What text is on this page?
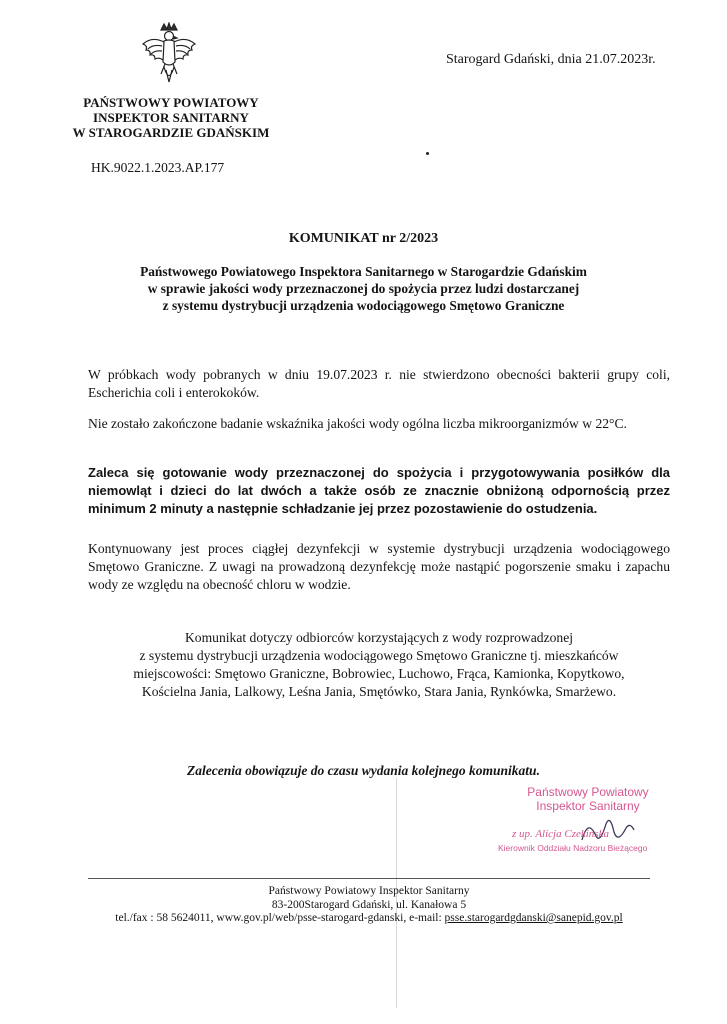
Starogard Gdański, dnia 21.07.2023r.
PAŃSTWOWY POWIATOWY
INSPEKTOR SANITARNY
W STAROGARDZIE GDAŃSKIM
HK.9022.1.2023.AP.177
KOMUNIKAT nr 2/2023
Państwowego Powiatowego Inspektora Sanitarnego w Starogardzie Gdańskim
w sprawie jakości wody przeznaczonej do spożycia przez ludzi dostarczanej
z systemu dystrybucji urządzenia wodociągowego Smętowo Graniczne
W próbkach wody pobranych w dniu 19.07.2023 r. nie stwierdzono obecności bakterii grupy coli, Escherichia coli i enterokoków.
Nie zostało zakończone badanie wskaźnika jakości wody ogólna liczba mikroorganizmów w 22°C.
Zaleca się gotowanie wody przeznaczonej do spożycia i przygotowywania posiłków dla niemowląt i dzieci do lat dwóch a także osób ze znacznie obniżoną odpornością przez minimum 2 minuty a następnie schładzanie jej przez pozostawienie do ostudzenia.
Kontynuowany jest proces ciągłej dezynfekcji w systemie dystrybucji urządzenia wodociągowego Smętowo Graniczne. Z uwagi na prowadzoną dezynfekcję może nastąpić pogorszenie smaku i zapachu wody ze względu na obecność chloru w wodzie.
Komunikat dotyczy odbiorców korzystających z wody rozprowadzonej
z systemu dystrybucji urządzenia wodociągowego Smętowo Graniczne tj. mieszkańców
miejscowości: Smętowo Graniczne, Bobrowiec, Luchowo, Frąca, Kamionka, Kopytkowo,
Kościelna Jania, Lalkowy, Leśna Jania, Smętówko, Stara Jania, Rynkówka, Smarżewo.
Zalecenia obowiązuje do czasu wydania kolejnego komunikatu.
Państwowy Powiatowy
Inspektor Sanitarny
z up. Alicja Czekińska
Kierownik Oddziału Nadzoru Bieżącego
Państwowy Powiatowy Inspektor Sanitarny
83-200Starogard Gdański, ul. Kanałowa 5
tel./fax : 58 5624011, www.gov.pl/web/psse-starogard-gdanski, e-mail: psse.starogardgdanski@sanepid.gov.pl
